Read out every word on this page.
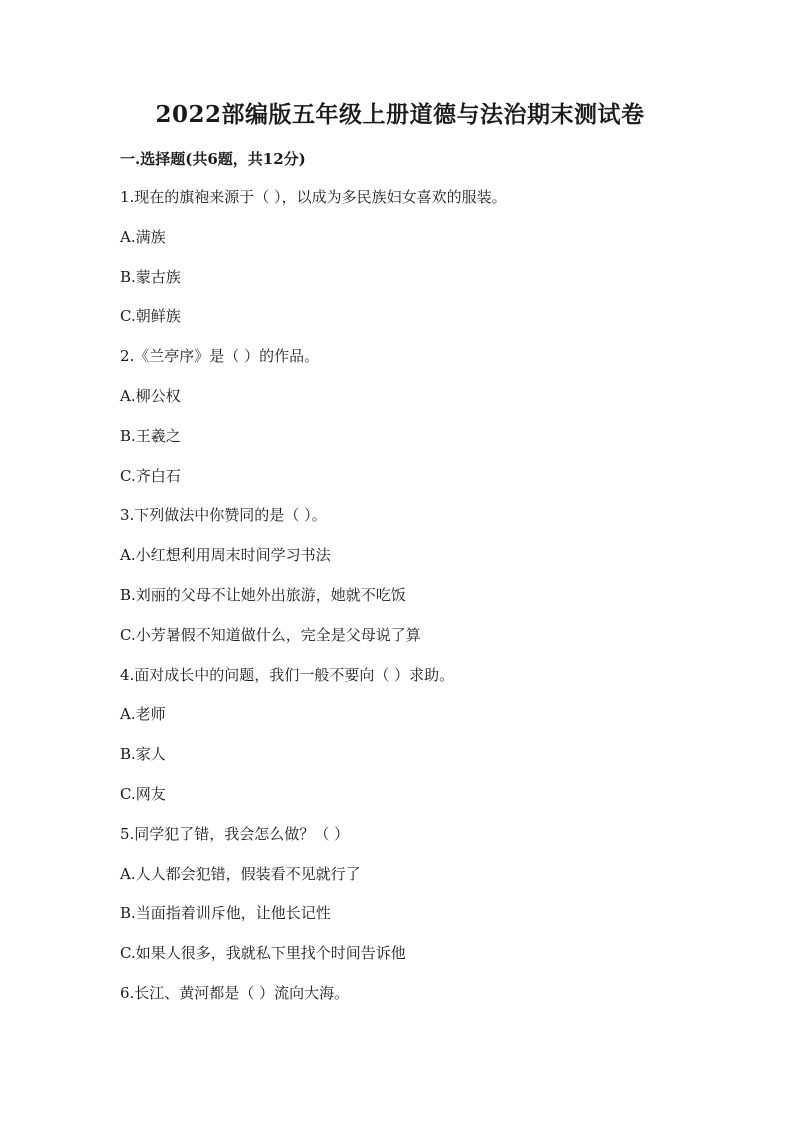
2022部编版五年级上册道德与法治期末测试卷
一.选择题(共6题，共12分)
1.现在的旗袍来源于（ ），以成为多民族妇女喜欢的服装。
A.满族
B.蒙古族
C.朝鲜族
2.《兰亭序》是（ ）的作品。
A.柳公权
B.王羲之
C.齐白石
3.下列做法中你赞同的是（ ）。
A.小红想利用周末时间学习书法
B.刘丽的父母不让她外出旅游，她就不吃饭
C.小芳暑假不知道做什么，完全是父母说了算
4.面对成长中的问题，我们一般不要向（ ）求助。
A.老师
B.家人
C.网友
5.同学犯了错，我会怎么做？（ ）
A.人人都会犯错，假装看不见就行了
B.当面指着训斥他，让他长记性
C.如果人很多，我就私下里找个时间告诉他
6.长江、黄河都是（ ）流向大海。
